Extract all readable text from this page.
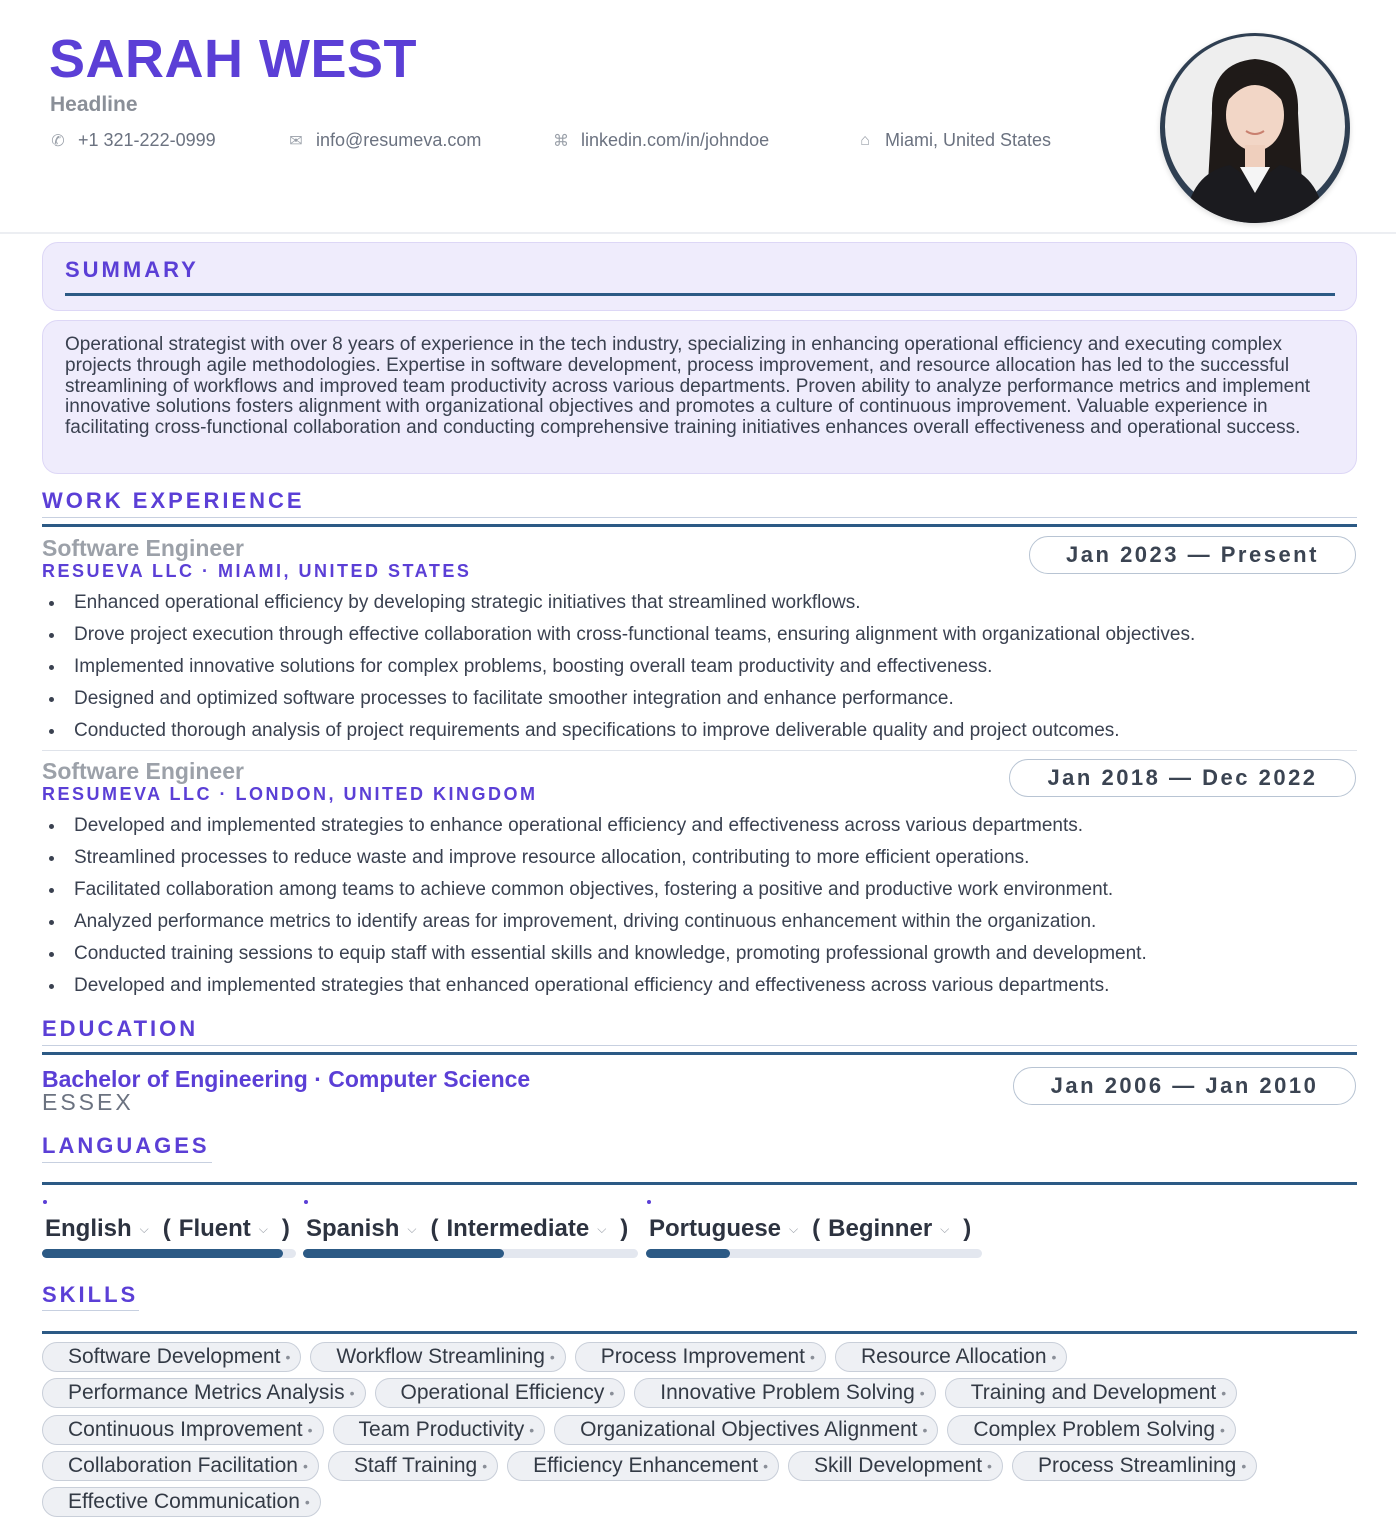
SARAH WEST
Headline
✆ +1 321-222-0999	✉ info@resumeva.com	⌘ linkedin.com/in/johndoe	⌂ Miami, United States
SUMMARY
Operational strategist with over 8 years of experience in the tech industry, specializing in enhancing operational efficiency and executing complex projects through agile methodologies. Expertise in software development, process improvement, and resource allocation has led to the successful streamlining of workflows and improved team productivity across various departments. Proven ability to analyze performance metrics and implement innovative solutions fosters alignment with organizational objectives and promotes a culture of continuous improvement. Valuable experience in facilitating cross-functional collaboration and conducting comprehensive training initiatives enhances overall effectiveness and operational success.
WORK EXPERIENCE
Software Engineer
RESUEVA LLC · MIAMI, UNITED STATES
Jan 2023 — Present
Enhanced operational efficiency by developing strategic initiatives that streamlined workflows.
Drove project execution through effective collaboration with cross-functional teams, ensuring alignment with organizational objectives.
Implemented innovative solutions for complex problems, boosting overall team productivity and effectiveness.
Designed and optimized software processes to facilitate smoother integration and enhance performance.
Conducted thorough analysis of project requirements and specifications to improve deliverable quality and project outcomes.
Software Engineer
RESUMEVA LLC · LONDON, UNITED KINGDOM
Jan 2018 — Dec 2022
Developed and implemented strategies to enhance operational efficiency and effectiveness across various departments.
Streamlined processes to reduce waste and improve resource allocation, contributing to more efficient operations.
Facilitated collaboration among teams to achieve common objectives, fostering a positive and productive work environment.
Analyzed performance metrics to identify areas for improvement, driving continuous enhancement within the organization.
Conducted training sessions to equip staff with essential skills and knowledge, promoting professional growth and development.
Developed and implemented strategies that enhanced operational efficiency and effectiveness across various departments.
EDUCATION
Bachelor of Engineering · Computer Science
ESSEX
Jan 2006 — Jan 2010
LANGUAGES
English ⌵ ( Fluent ⌵ ) Spanish ⌵ ( Intermediate ⌵ ) Portuguese ⌵ ( Beginner ⌵ )
SKILLS
Software Development • Workflow Streamlining • Process Improvement • Resource Allocation •
Performance Metrics Analysis • Operational Efficiency • Innovative Problem Solving • Training and Development •
Continuous Improvement • Team Productivity • Organizational Objectives Alignment • Complex Problem Solving •
Collaboration Facilitation • Staff Training • Efficiency Enhancement • Skill Development • Process Streamlining •
Effective Communication •
